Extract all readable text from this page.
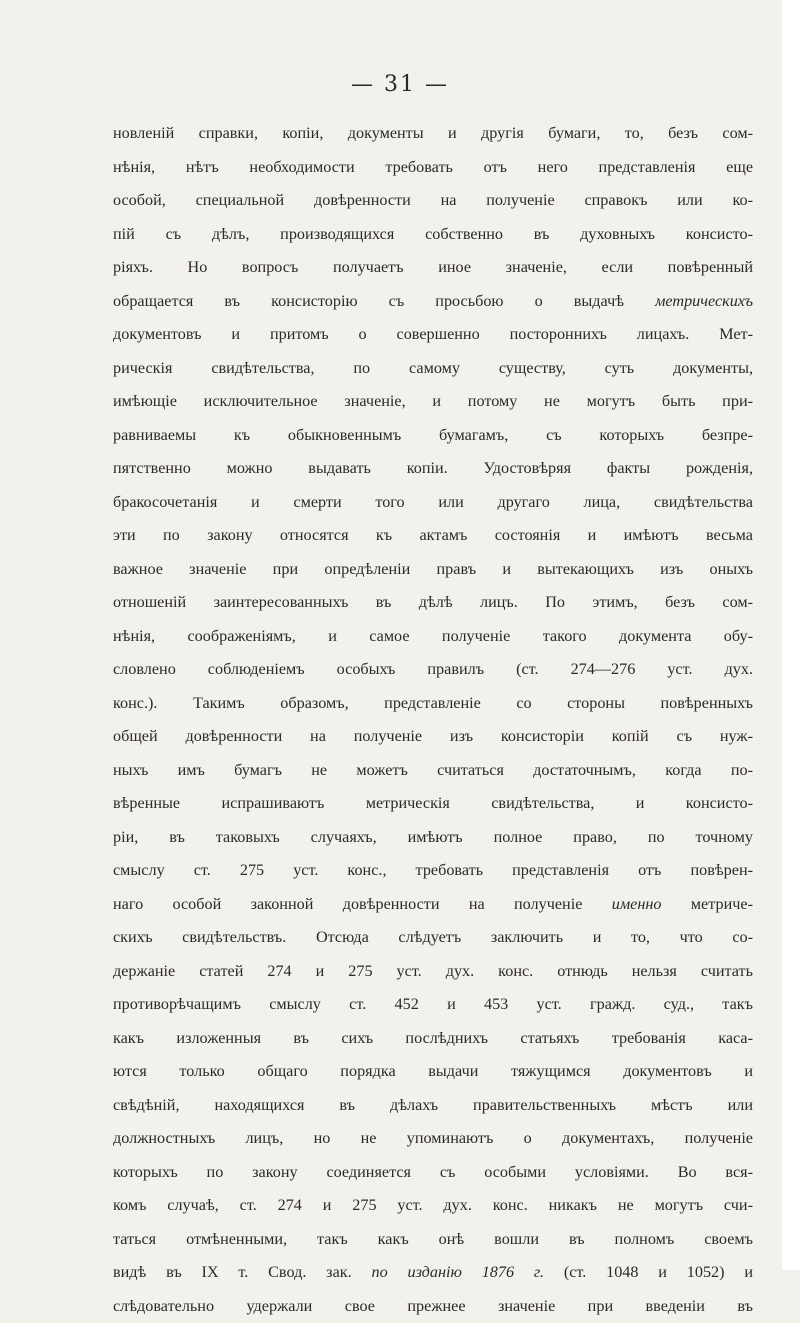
— 31 —
новленій справки, копіи, документы и другія бумаги, то, безъ сом-
нѣнія, нѣтъ необходимости требовать отъ него представленія еще
особой, специальной довѣренности на полученіе справокъ или ко-
пій съ дѣлъ, производящихся собственно въ духовныхъ консисто-
ріяхъ. Но вопросъ получаетъ иное значеніе, если повѣренный
обращается въ консисторію съ просьбою о выдачѣ метрическихъ
документовъ и притомъ о совершенно постороннихъ лицахъ. Мет-
рическія свидѣтельства, по самому существу, суть документы,
имѣющіе исключительное значеніе, и потому не могутъ быть при-
равниваемы къ обыкновеннымъ бумагамъ, съ которыхъ безпре-
пятственно можно выдавать копіи. Удостовѣряя факты рожденія,
бракосочетанія и смерти того или другаго лица, свидѣтельства
эти по закону относятся къ актамъ состоянія и имѣютъ весьма
важное значеніе при опредѣленіи правъ и вытекающихъ изъ оныхъ
отношеній заинтересованныхъ въ дѣлѣ лицъ. По этимъ, безъ сом-
нѣнія, соображеніямъ, и самое полученіе такого документа обу-
словлено соблюденіемъ особыхъ правилъ (ст. 274—276 уст. дух.
конс.). Такимъ образомъ, представленіе со стороны повѣренныхъ
общей довѣренности на полученіе изъ консисторіи копій съ нуж-
ныхъ имъ бумагъ не можетъ считаться достаточнымъ, когда по-
вѣренные испрашиваютъ метрическія свидѣтельства, и консисто-
ріи, въ таковыхъ случаяхъ, имѣютъ полное право, по точному
смыслу ст. 275 уст. конс., требовать представленія отъ повѣрен-
наго особой законной довѣренности на полученіе именно метриче-
скихъ свидѣтельствъ. Отсюда слѣдуетъ заключить и то, что со-
держаніе статей 274 и 275 уст. дух. конс. отнюдь нельзя считать
противорѣчащимъ смыслу ст. 452 и 453 уст. гражд. суд., такъ
какъ изложенныя въ сихъ послѣднихъ статьяхъ требованія каса-
ются только общаго порядка выдачи тяжущимся документовъ и
свѣдѣній, находящихся въ дѣлахъ правительственныхъ мѣстъ или
должностныхъ лицъ, но не упоминаютъ о документахъ, полученіе
которыхъ по закону соединяется съ особыми условіями. Во вся-
комъ случаѣ, ст. 274 и 275 уст. дух. конс. никакъ не могутъ счи-
таться отмѣненными, такъ какъ онѣ вошли въ полномъ своемъ
видѣ въ IX т. Свод. зак. по изданію 1876 г. (ст. 1048 и 1052) и
слѣдовательно удержали свое прежнее значеніе при введеніи въ
